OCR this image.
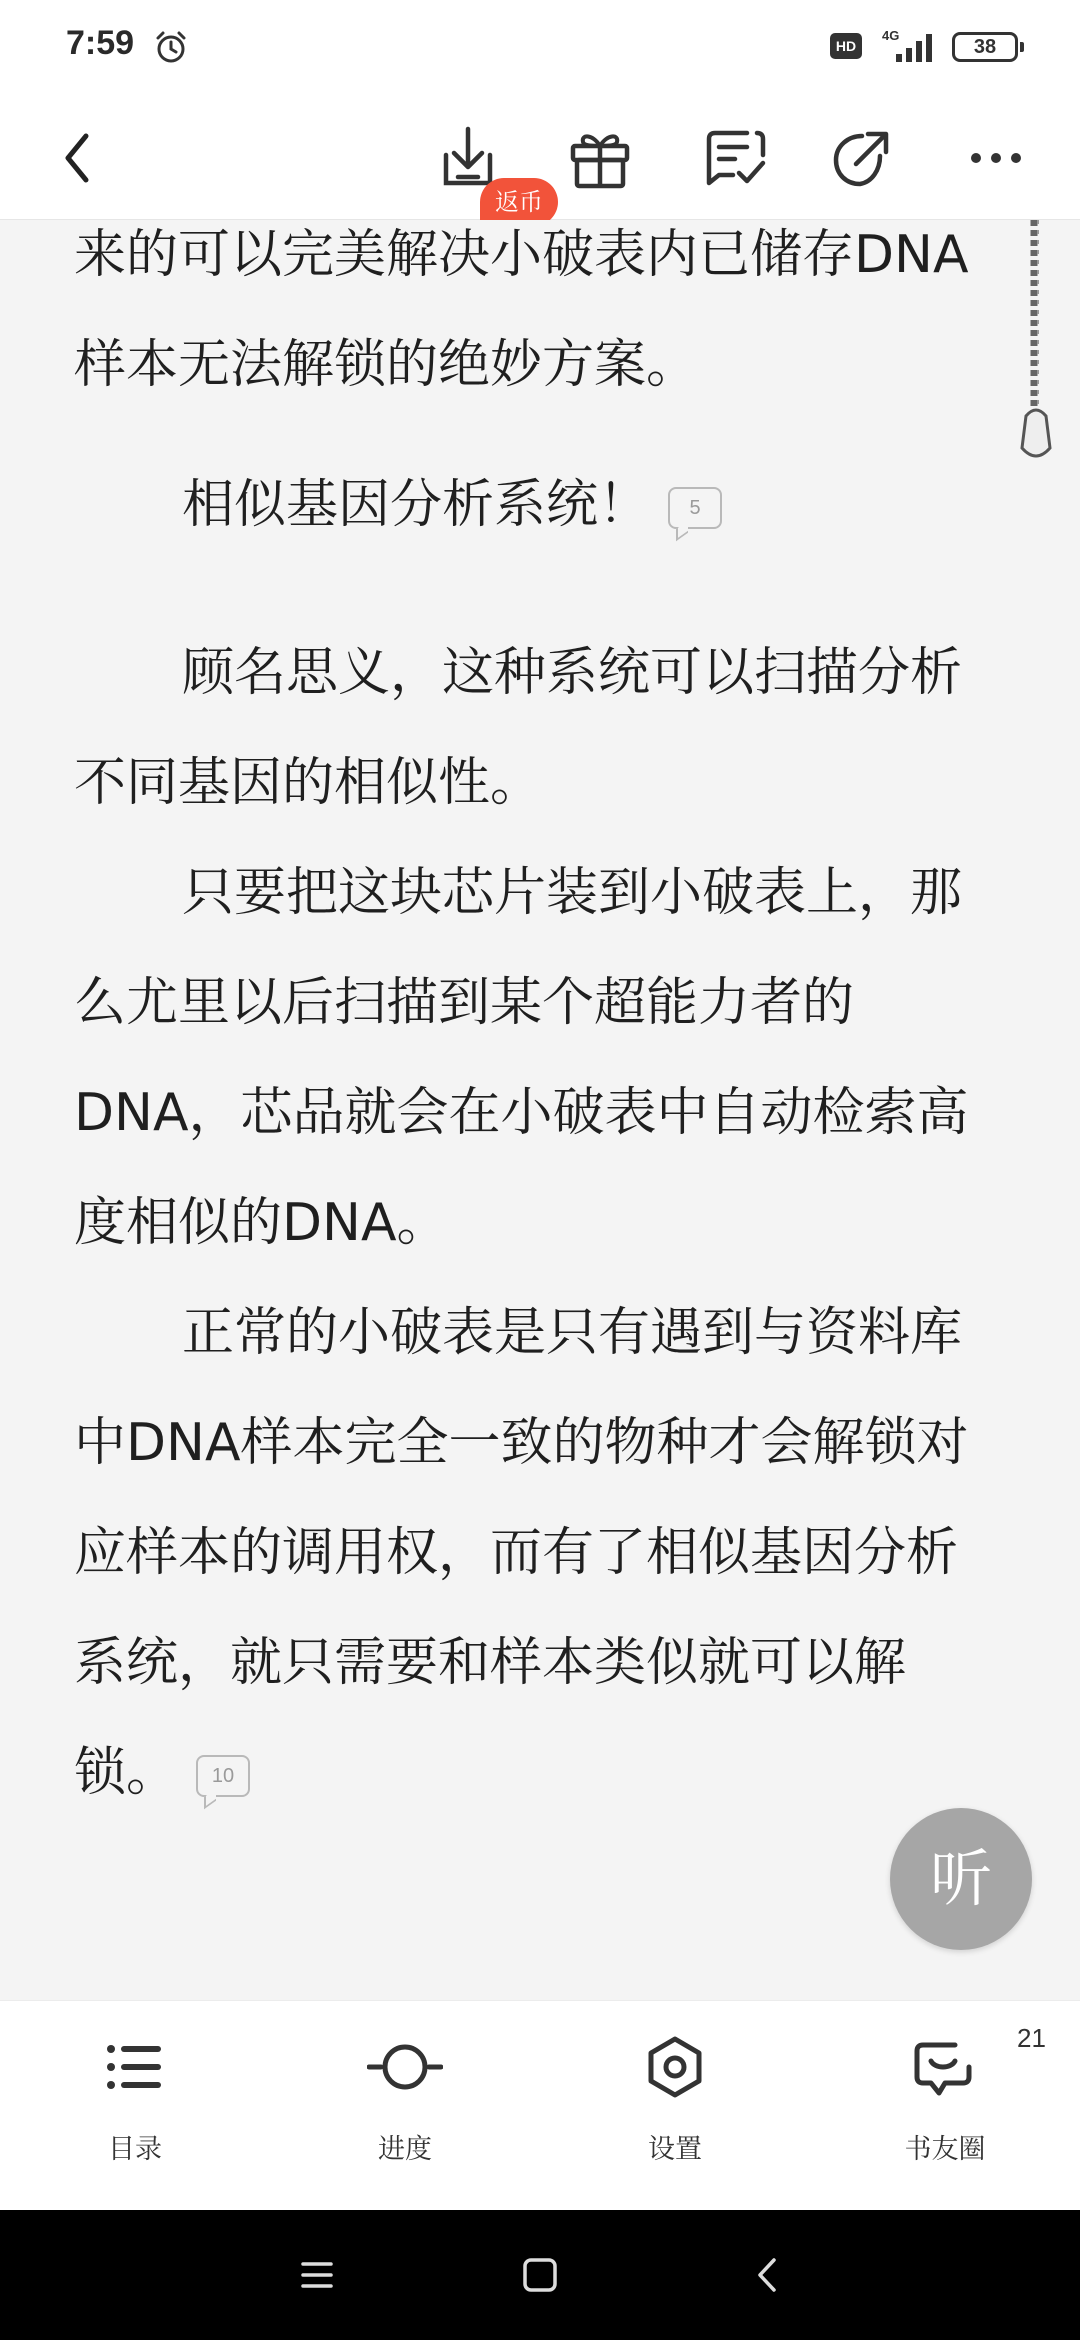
7:59	HD
4G
38
返币

来的可以完美解决小破表内已储存DNA样本无法解锁的绝妙方案。

相似基因分析系统！ 5

顾名思义，这种系统可以扫描分析不同基因的相似性。

只要把这块芯片装到小破表上，那么尤里以后扫描到某个超能力者的DNA，芯品就会在小破表中自动检索高度相似的DNA。

正常的小破表是只有遇到与资料库中DNA样本完全一致的物种才会解锁对应样本的调用权，而有了相似基因分析系统，就只需要和样本类似就可以解锁。 10

听
目录	进度	设置
21
书友圈
